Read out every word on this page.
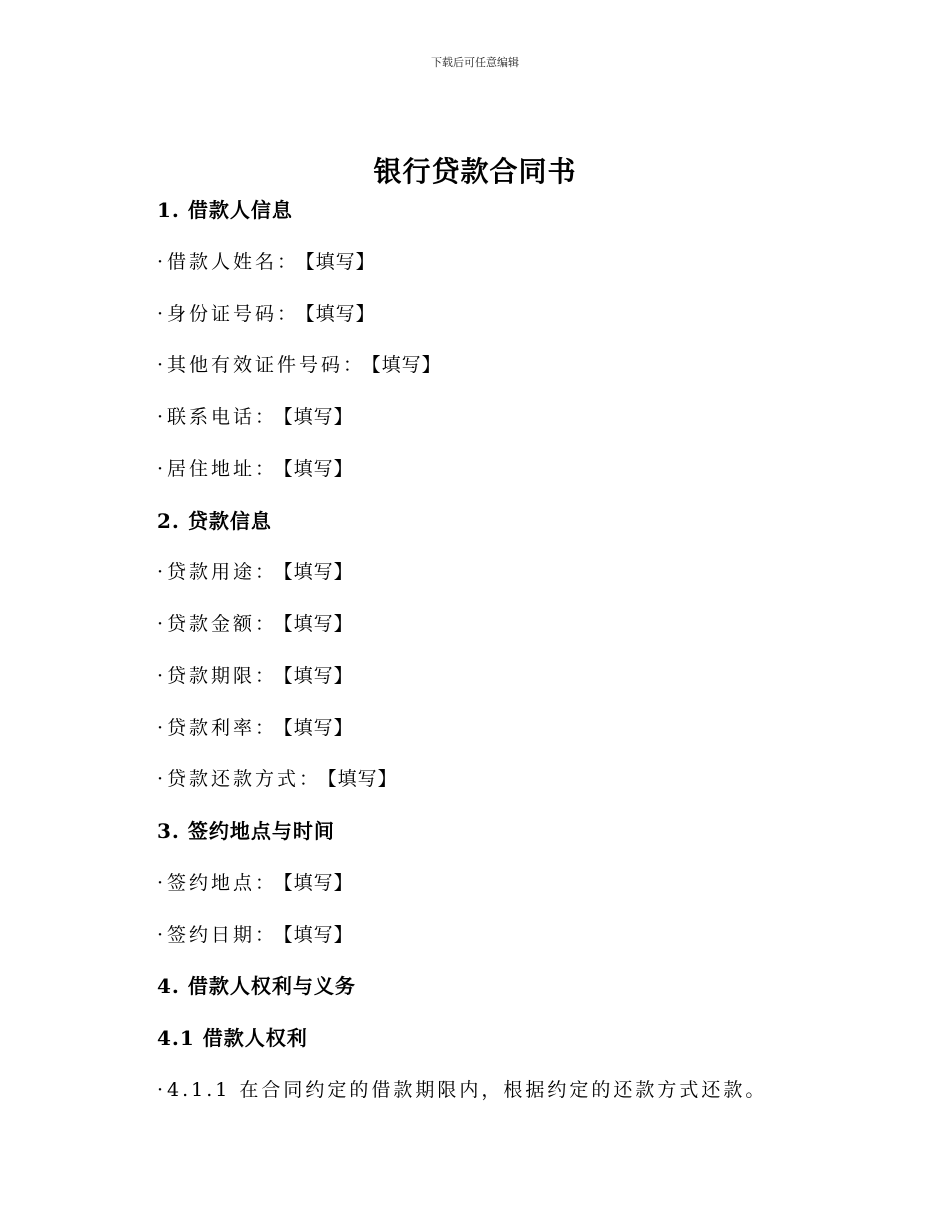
下载后可任意编辑
银行贷款合同书
1. 借款人信息
· 借款人姓名： 【填写】
· 身份证号码： 【填写】
· 其他有效证件号码： 【填写】
· 联系电话： 【填写】
· 居住地址： 【填写】
2. 贷款信息
· 贷款用途： 【填写】
· 贷款金额： 【填写】
· 贷款期限： 【填写】
· 贷款利率： 【填写】
· 贷款还款方式： 【填写】
3. 签约地点与时间
· 签约地点： 【填写】
· 签约日期： 【填写】
4. 借款人权利与义务
4.1 借款人权利
· 4.1.1 在合同约定的借款期限内，根据约定的还款方式还款。
